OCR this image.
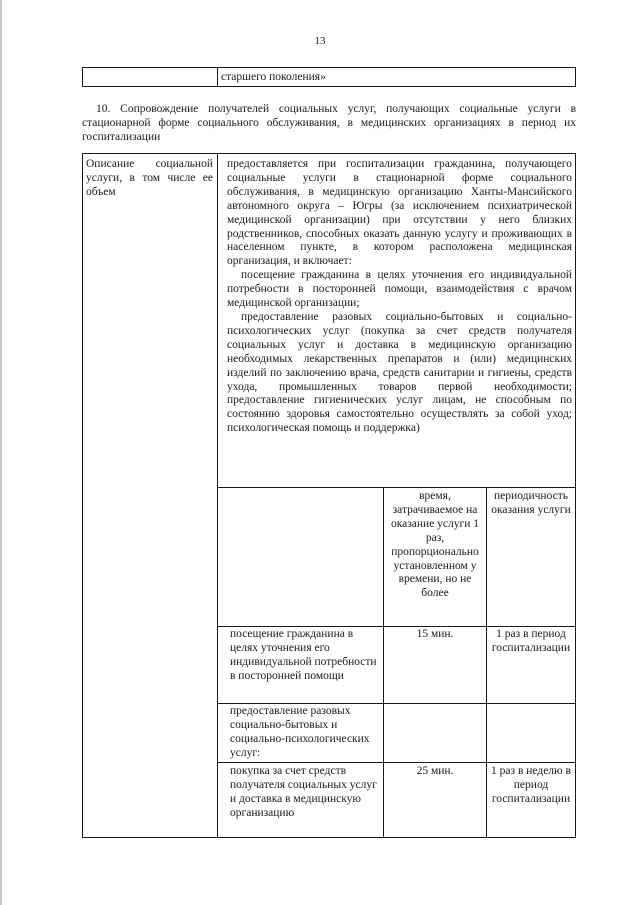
13
старшего поколения»
10. Сопровождение получателей социальных услуг, получающих социальные услуги в стационарной форме социального обслуживания, в медицинских организациях в период их госпитализации
Описание социальной услуги, в том числе ее объем
предоставляется при госпитализации гражданина, получающего социальные услуги в стационарной форме социального обслуживания, в медицинскую организацию Ханты-Мансийского автономного округа – Югры (за исключением психиатрической медицинской организации) при отсутствии у него близких родственников, способных оказать данную услугу и проживающих в населенном пункте, в котором расположена медицинская организация, и включает:
посещение гражданина в целях уточнения его индивидуальной потребности в посторонней помощи, взаимодействия с врачом медицинской организации;
предоставление разовых социально-бытовых и социально-психологических услуг (покупка за счет средств получателя социальных услуг и доставка в медицинскую организацию необходимых лекарственных препаратов и (или) медицинских изделий по заключению врача, средств санитарии и гигиены, средств ухода, промышленных товаров первой необходимости; предоставление гигиенических услуг лицам, не способным по состоянию здоровья самостоятельно осуществлять за собой уход; психологическая помощь и поддержка)
время, затрачиваемое на оказание услуги 1 раз, пропорционально установленном у времени, но не более
периодичность оказания услуги
посещение гражданина в целях уточнения его индивидуальной потребности в посторонней помощи
15 мин.	1 раз в период госпитализации
предоставление разовых социально-бытовых и социально-психологических услуг:
покупка за счет средств получателя социальных услуг и доставка в медицинскую организацию
25 мин.	1 раз в неделю в период госпитализации
